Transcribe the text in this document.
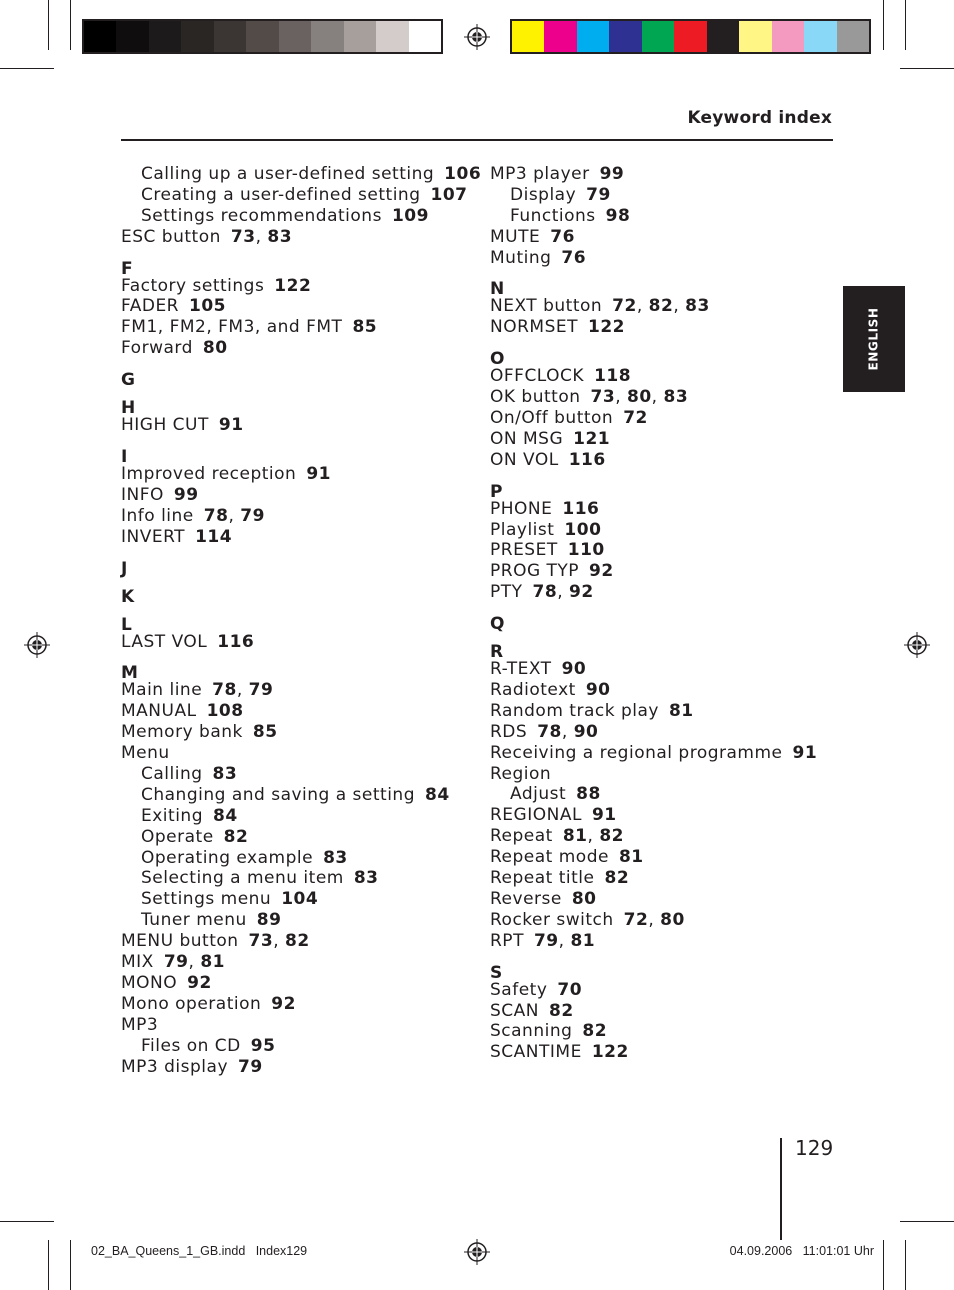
Keyword index
ENGLISH
Calling up a user-defined setting 106
Creating a user-defined setting 107
Settings recommendations 109
ESC button 73, 83
F
Factory settings 122
FADER 105
FM1, FM2, FM3, and FMT 85
Forward 80
G
H
HIGH CUT 91
I
Improved reception 91
INFO 99
Info line 78, 79
INVERT 114
J
K
L
LAST VOL 116
M
Main line 78, 79
MANUAL 108
Memory bank 85
Menu
Calling 83
Changing and saving a setting 84
Exiting 84
Operate 82
Operating example 83
Selecting a menu item 83
Settings menu 104
Tuner menu 89
MENU button 73, 82
MIX 79, 81
MONO 92
Mono operation 92
MP3
Files on CD 95
MP3 display 79
MP3 player 99
Display 79
Functions 98
MUTE 76
Muting 76
N
NEXT button 72, 82, 83
NORMSET 122
O
OFFCLOCK 118
OK button 73, 80, 83
On/Off button 72
ON MSG 121
ON VOL 116
P
PHONE 116
Playlist 100
PRESET 110
PROG TYP 92
PTY 78, 92
Q
R
R-TEXT 90
Radiotext 90
Random track play 81
RDS 78, 90
Receiving a regional programme 91
Region
Adjust 88
REGIONAL 91
Repeat 81, 82
Repeat mode 81
Repeat title 82
Reverse 80
Rocker switch 72, 80
RPT 79, 81
S
Safety 70
SCAN 82
Scanning 82
SCANTIME 122
129
02_BA_Queens_1_GB.indd   Index129	04.09.2006   11:01:01 Uhr
